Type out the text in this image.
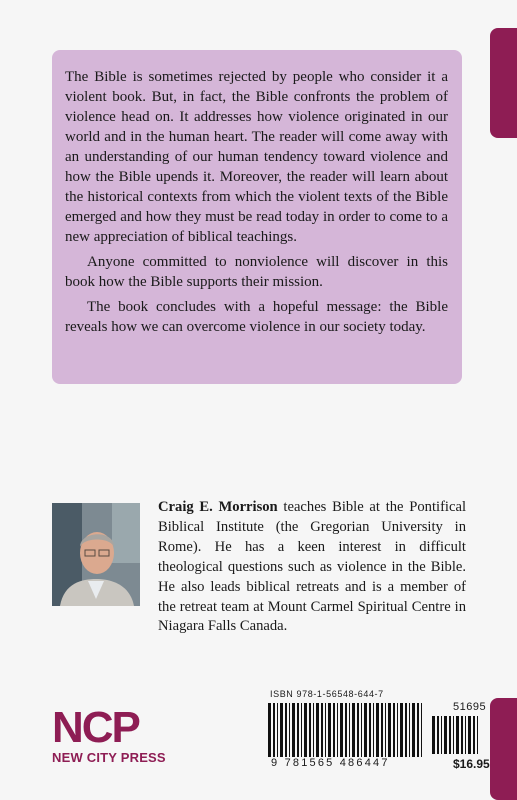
The Bible is sometimes rejected by people who consider it a violent book. But, in fact, the Bible confronts the problem of violence head on. It addresses how violence originated in our world and in the human heart. The reader will come away with an understanding of our human tendency toward violence and how the Bible upends it. Moreover, the reader will learn about the historical contexts from which the violent texts of the Bible emerged and how they must be read today in order to come to a new appreciation of biblical teachings.

Anyone committed to nonviolence will discover in this book how the Bible supports their mission.

The book concludes with a hopeful message: the Bible reveals how we can overcome violence in our society today.

Craig E. Morrison teaches Bible at the Pontifical Biblical Institute (the Gregorian University in Rome). He has a keen interest in difficult theological questions such as violence in the Bible. He also leads biblical retreats and is a member of the retreat team at Mount Carmel Spiritual Centre in Niagara Falls Canada.

NCP
NEW CITY PRESS
ISBN 978-1-56548-644-7
9 781565 486447
51695
$16.95
